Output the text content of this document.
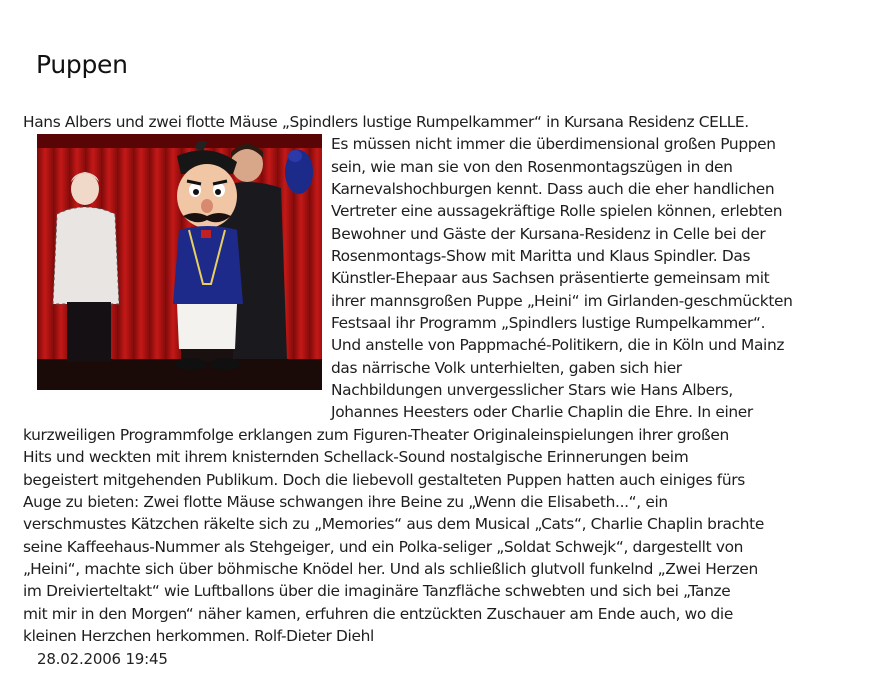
Puppen
Hans Albers und zwei flotte Mäuse „Spindlers lustige Rumpelkammer“ in Kursana Residenz CELLE.
Es müssen nicht immer die überdimensional großen Puppen
sein, wie man sie von den Rosenmontagszügen in den
Karnevalshochburgen kennt. Dass auch die eher handlichen
Vertreter eine aussagekräftige Rolle spielen können, erlebten
Bewohner und Gäste der Kursana-Residenz in Celle bei der
Rosenmontags-Show mit Maritta und Klaus Spindler. Das
Künstler-Ehepaar aus Sachsen präsentierte gemeinsam mit
ihrer mannsgroßen Puppe „Heini“ im Girlanden-geschmückten
Festsaal ihr Programm „Spindlers lustige Rumpelkammer“.
Und anstelle von Pappmaché-Politikern, die in Köln und Mainz
das närrische Volk unterhielten, gaben sich hier
Nachbildungen unvergesslicher Stars wie Hans Albers,
Johannes Heesters oder Charlie Chaplin die Ehre. In einer
kurzweiligen Programmfolge erklangen zum Figuren-Theater Originaleinspielungen ihrer großen
Hits und weckten mit ihrem knisternden Schellack-Sound nostalgische Erinnerungen beim
begeistert mitgehenden Publikum. Doch die liebevoll gestalteten Puppen hatten auch einiges fürs
Auge zu bieten: Zwei flotte Mäuse schwangen ihre Beine zu „Wenn die Elisabeth...“, ein
verschmustes Kätzchen räkelte sich zu „Memories“ aus dem Musical „Cats“, Charlie Chaplin brachte
seine Kaffeehaus-Nummer als Stehgeiger, und ein Polka-seliger „Soldat Schwejk“, dargestellt von
„Heini“, machte sich über böhmische Knödel her. Und als schließlich glutvoll funkelnd „Zwei Herzen
im Dreivierteltakt“ wie Luftballons über die imaginäre Tanzfläche schwebten und sich bei „Tanze
mit mir in den Morgen“ näher kamen, erfuhren die entzückten Zuschauer am Ende auch, wo die
kleinen Herzchen herkommen. Rolf-Dieter Diehl
28.02.2006 19:45
